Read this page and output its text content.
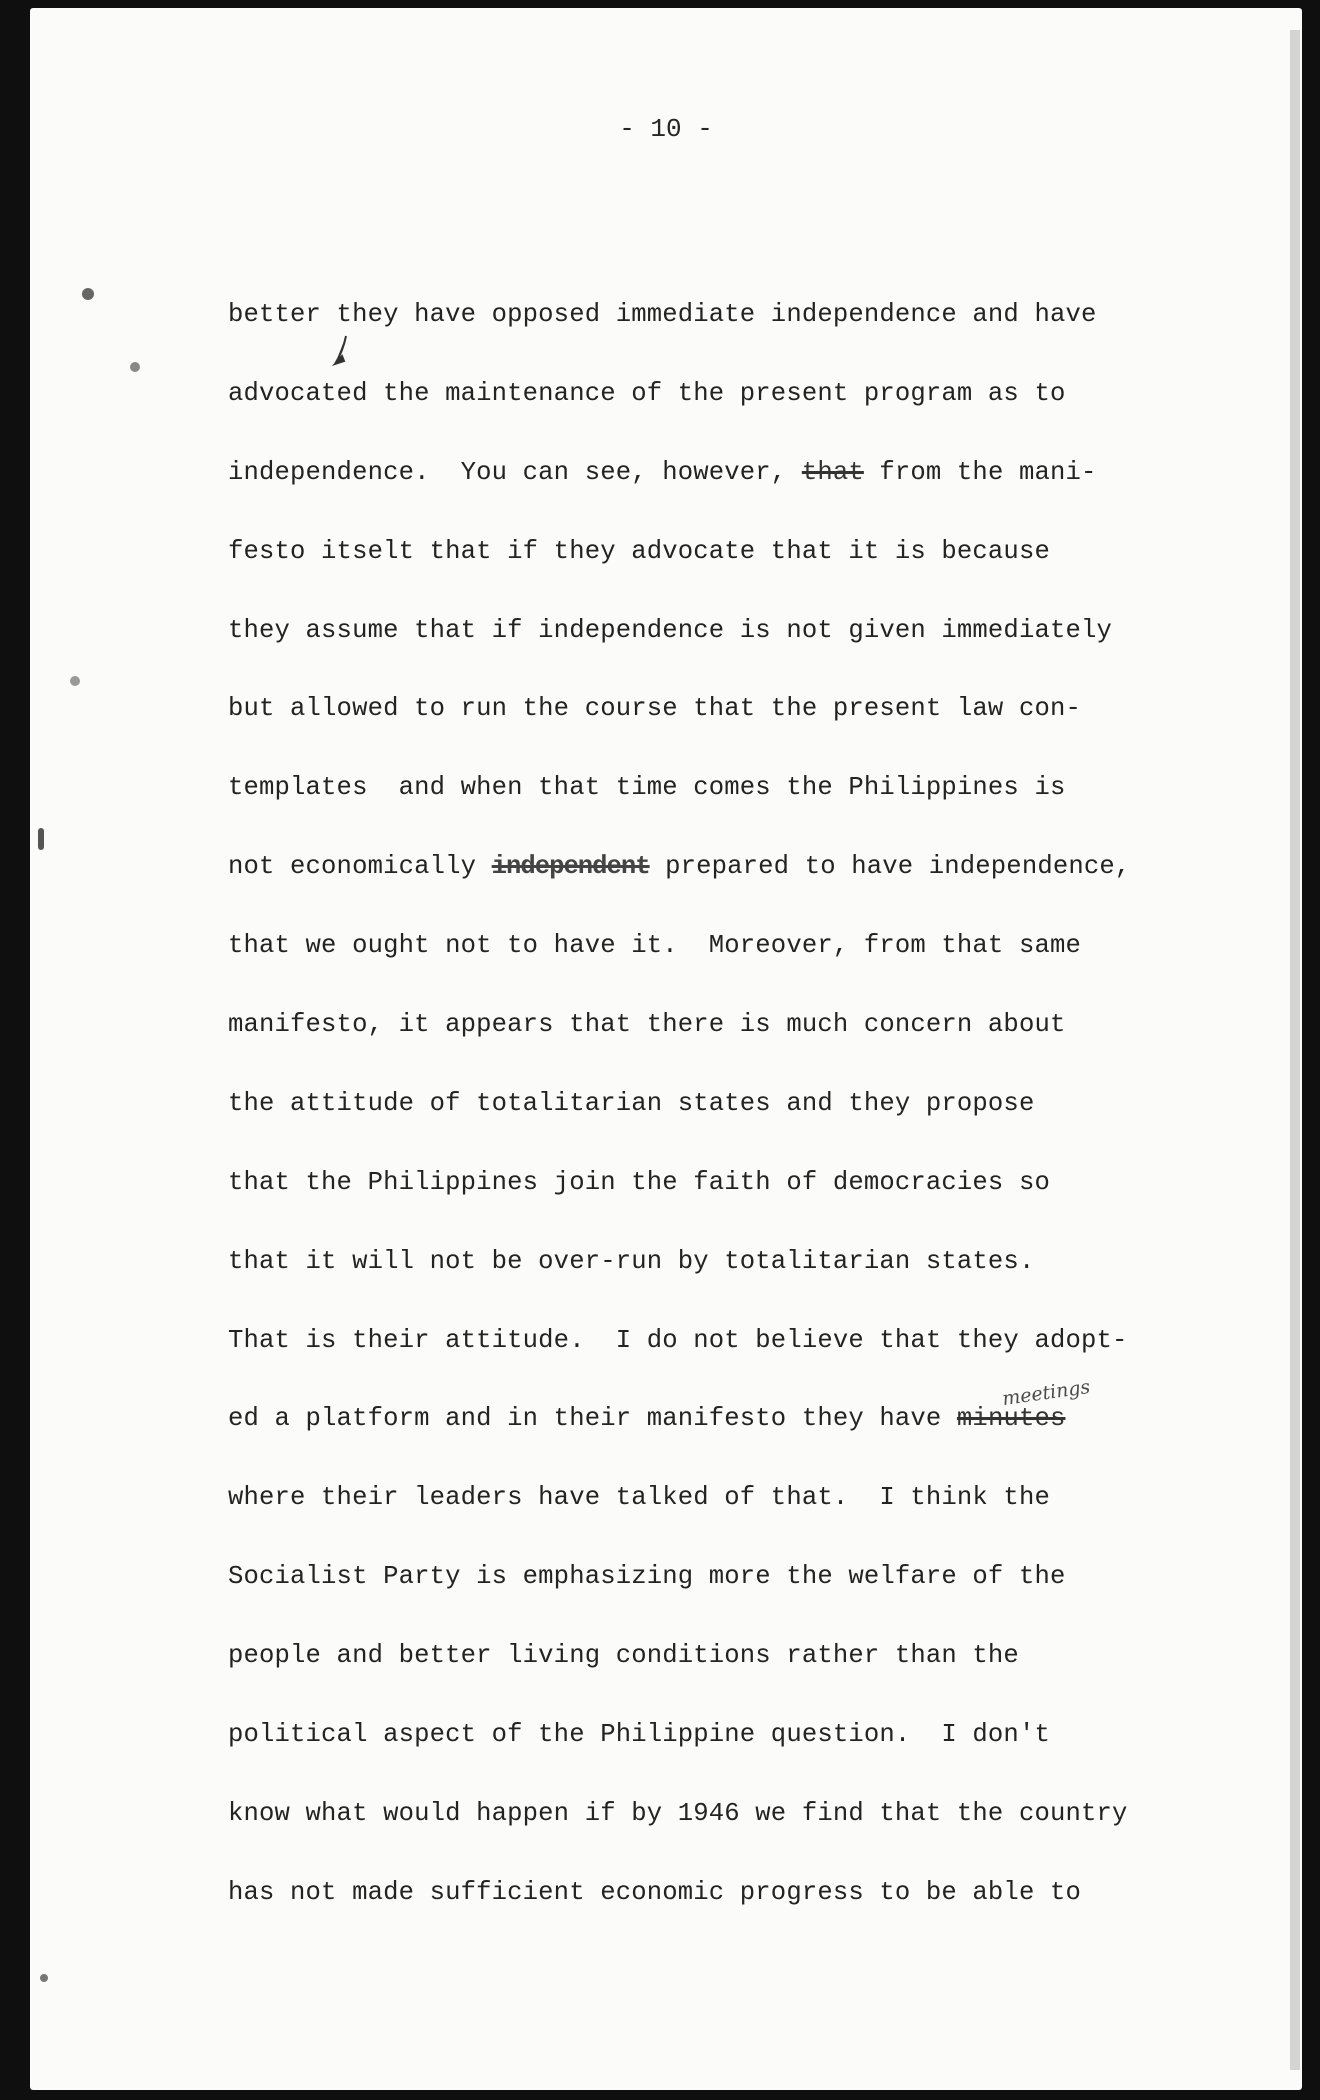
- 10 -
better they have opposed immediate independence and have
advocated the maintenance of the present program as to
independence.  You can see, however, that from the mani-
festo itselt that if they advocate that it is because
they assume that if independence is not given immediately
but allowed to run the course that the present law con-
templates  and when that time comes the Philippines is
not economically independent prepared to have independence,
that we ought not to have it.  Moreover, from that same
manifesto, it appears that there is much concern about
the attitude of totalitarian states and they propose
that the Philippines join the faith of democracies so
that it will not be over-run by totalitarian states.
That is their attitude.  I do not believe that they adopt-
ed a platform and in their manifesto they have minutes
where their leaders have talked of that.  I think the
Socialist Party is emphasizing more the welfare of the
people and better living conditions rather than the
political aspect of the Philippine question.  I don't
know what would happen if by 1946 we find that the country
has not made sufficient economic progress to be able to
meetings
